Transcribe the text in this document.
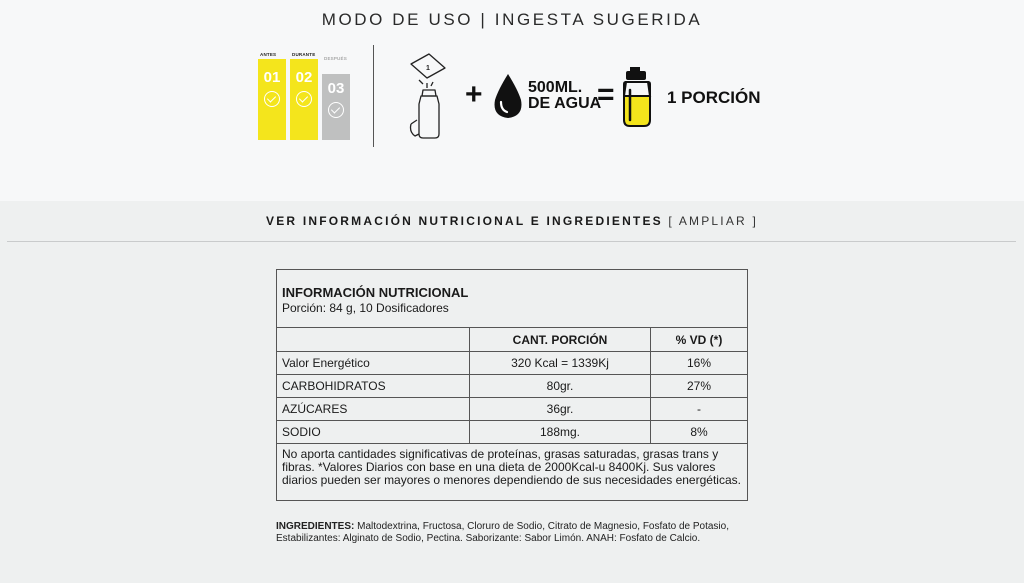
MODO DE USO | INGESTA SUGERIDA
ANTES
01
DURANTE
02
DESPUÉS
03
1
+	500ML.
DE AGUA
=	1 PORCIÓN
VER INFORMACIÓN NUTRICIONAL E INGREDIENTES [ AMPLIAR ]
INFORMACIÓN NUTRICIONAL
Porción: 84 g, 10 Dosificadores		

	CANT. PORCIÓN	% VD (*)
Valor Energético	320 Kcal = 1339Kj	16%
CARBOHIDRATOS	80gr.	27%
AZÚCARES	36gr.	-
SODIO	188mg.	8%
No aporta cantidades significativas de proteínas, grasas saturadas, grasas trans y fibras. *Valores Diarios con base en una dieta de 2000Kcal-u 8400Kj. Sus valores diarios pueden ser mayores o menores dependiendo de sus necesidades energéticas.		
INGREDIENTES: Maltodextrina, Fructosa, Cloruro de Sodio, Citrato de Magnesio, Fosfato de Potasio, Estabilizantes: Alginato de Sodio, Pectina. Saborizante: Sabor Limón. ANAH: Fosfato de Calcio.
